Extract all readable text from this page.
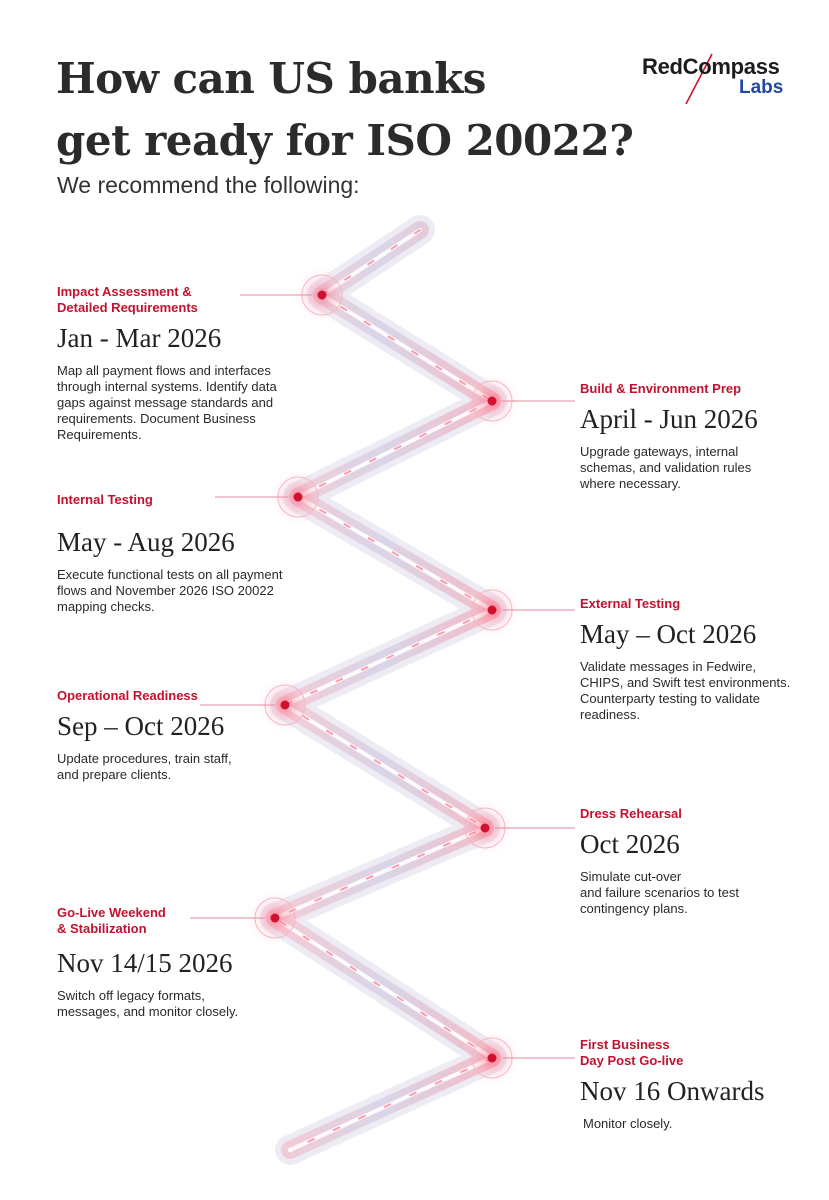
How can US banks
get ready for ISO 20022?
We recommend the following:
RedCompass
Labs
Impact Assessment &
Detailed Requirements
Jan - Mar 2026
Map all payment flows and interfaces
through internal systems. Identify data
gaps against message standards and
requirements. Document Business
Requirements.
Build & Environment Prep
April - Jun 2026
Upgrade gateways, internal
schemas, and validation rules
where necessary.
Internal Testing
May - Aug 2026
Execute functional tests on all payment
flows and November 2026 ISO 20022
mapping checks.	External Testing
May – Oct 2026
Validate messages in Fedwire,
CHIPS, and Swift test environments.
Counterparty testing to validate
readiness.
Operational Readiness
Sep – Oct 2026
Update procedures, train staff,
and prepare clients.
Dress Rehearsal
Oct 2026
Simulate cut-over
and failure scenarios to test
contingency plans.
Go-Live Weekend
& Stabilization
Nov 14/15 2026
Switch off legacy formats,
messages, and monitor closely.
First Business
Day Post Go-live
Nov 16 Onwards
Monitor closely.
